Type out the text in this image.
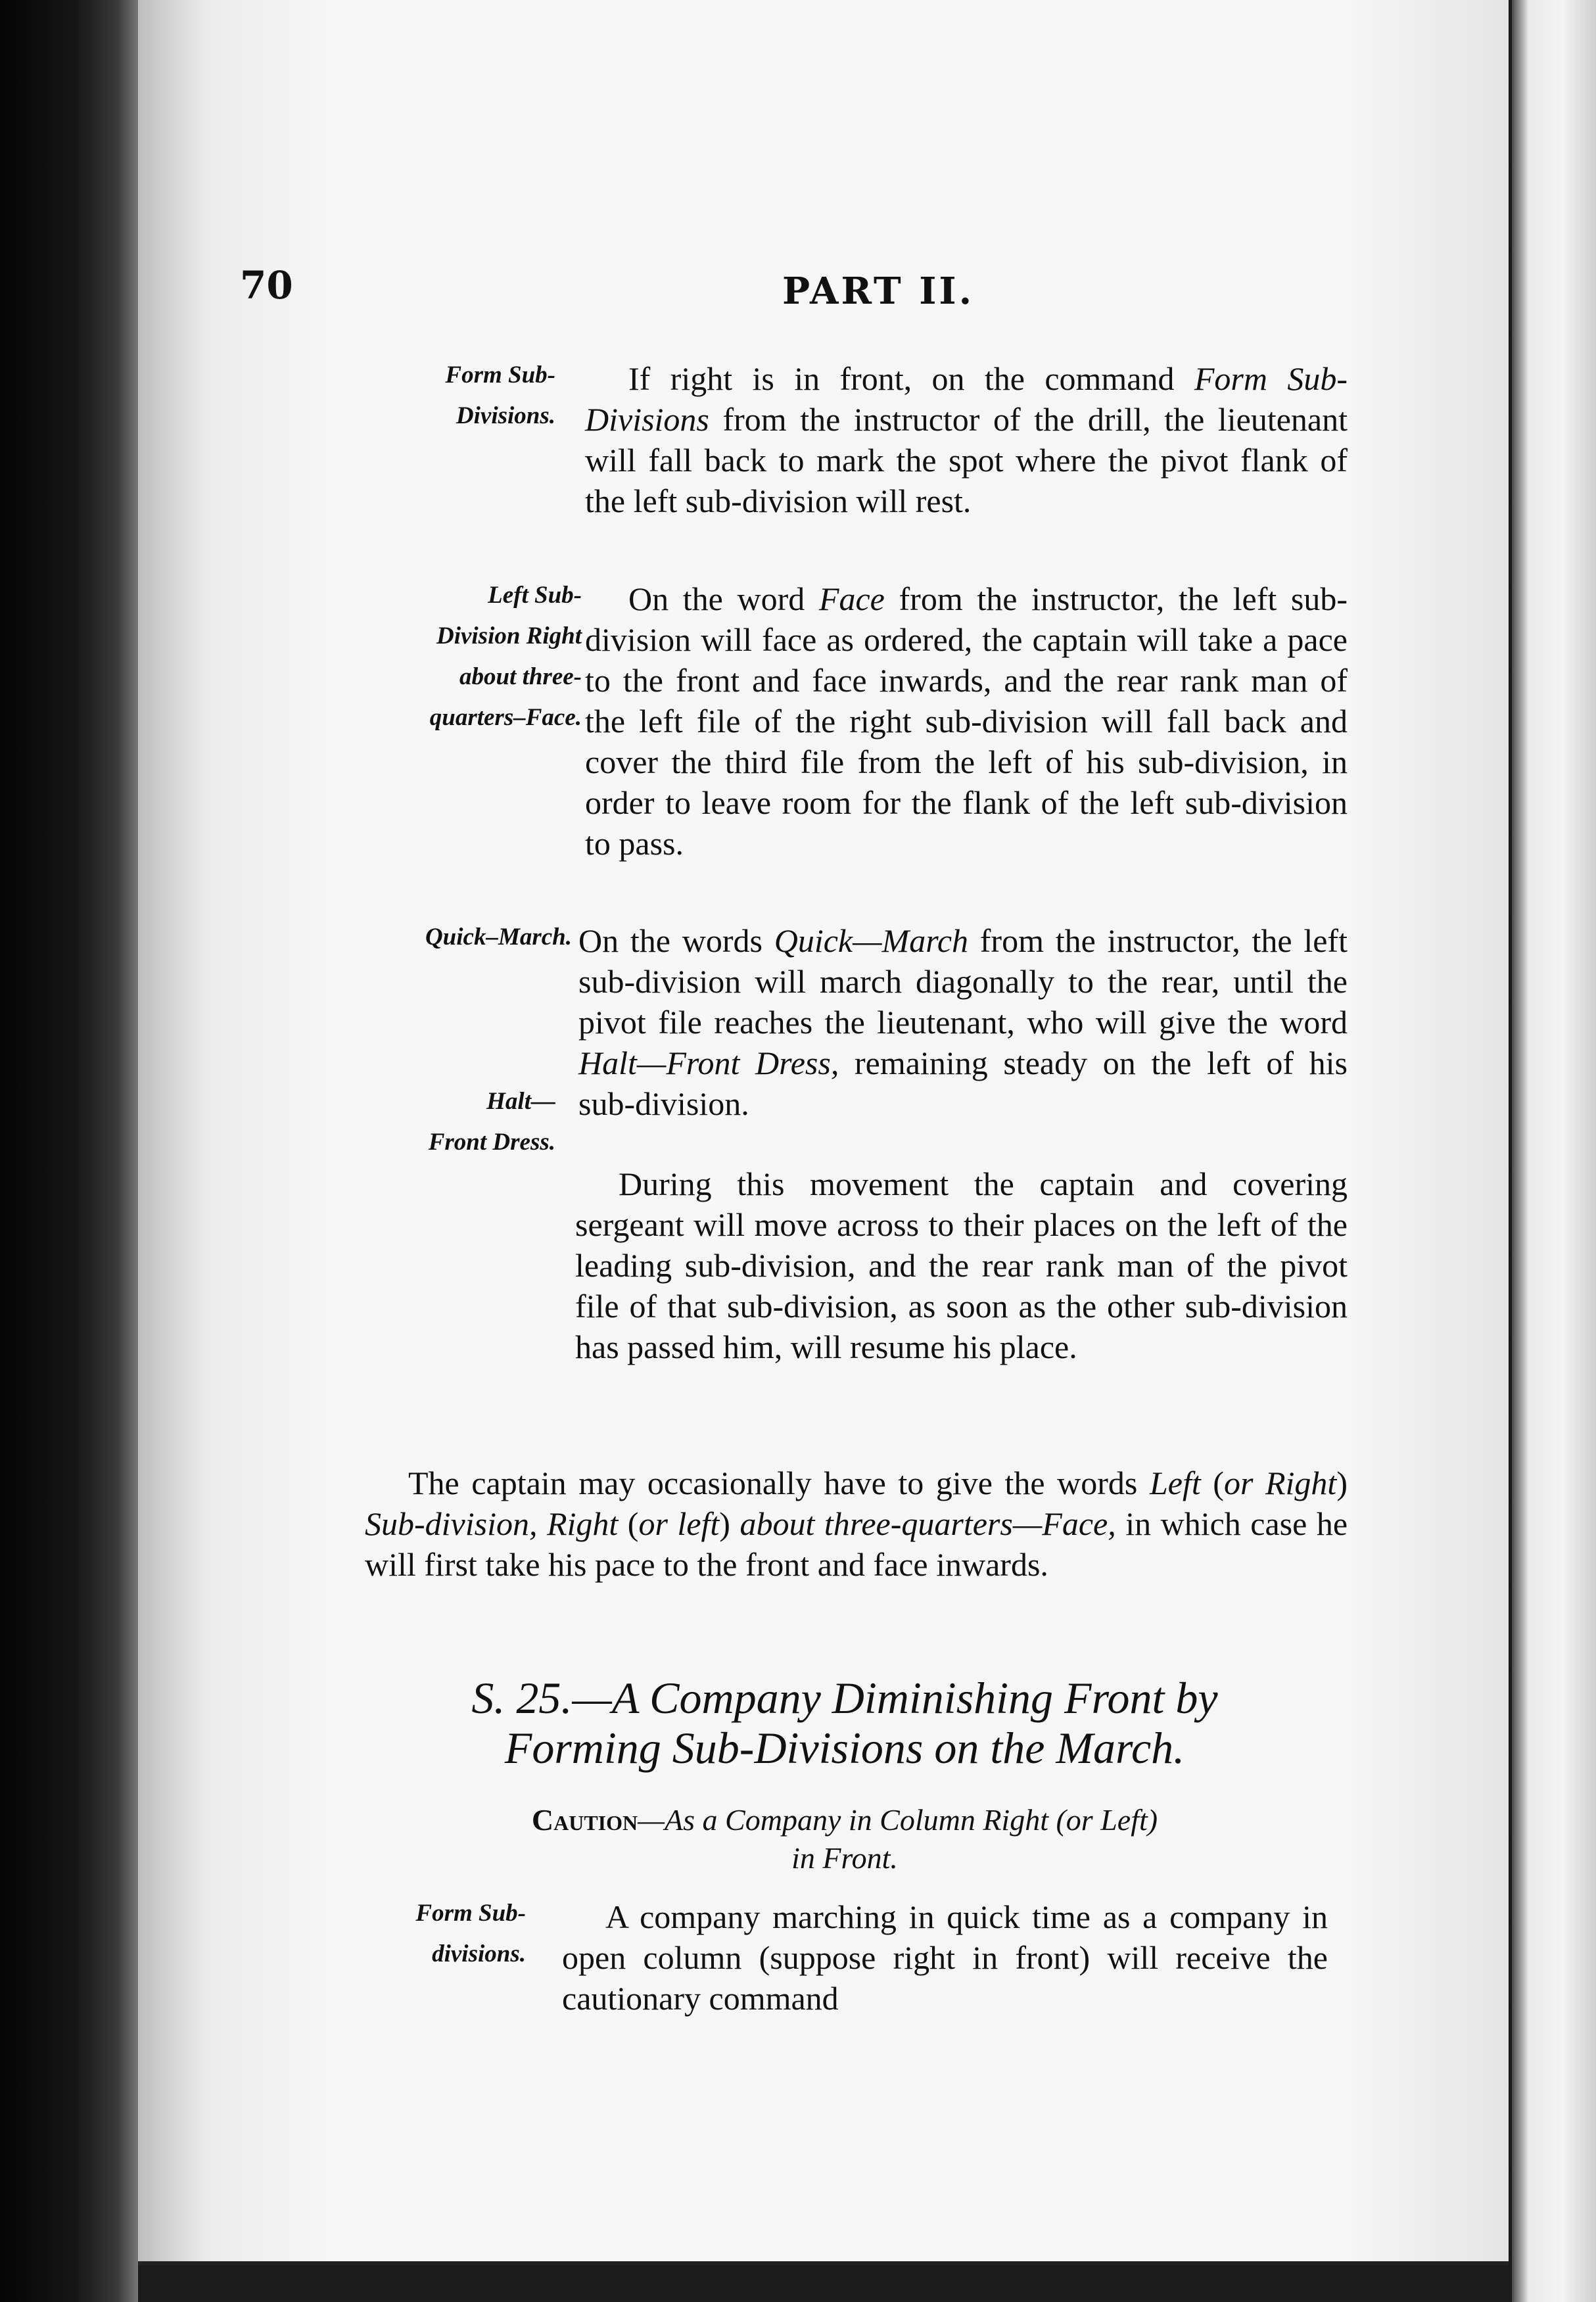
70	PART II.
Form Sub-
Divisions.

If right is in front, on the command Form Sub-Divisions from the instructor of the drill, the lieutenant will fall back to mark the spot where the pivot flank of the left sub-division will rest.

Left Sub-
Division Right
about three-
quarters–Face.

On the word Face from the instructor, the left sub-division will face as ordered, the captain will take a pace to the front and face inwards, and the rear rank man of the left file of the right sub-division will fall back and cover the third file from the left of his sub-division, in order to leave room for the flank of the left sub-division to pass.

Quick–March. On the words Quick—March from the instructor, the left sub-division will march diagonally to the rear, until the pivot file reaches the lieutenant, who will give the word Halt—Front Dress, remaining steady on the left of his sub-division.

Halt—
Front Dress.

During this movement the captain and covering sergeant will move across to their places on the left of the leading sub-division, and the rear rank man of the pivot file of that sub-division, as soon as the other sub-division has passed him, will resume his place.

The captain may occasionally have to give the words Left (or Right) Sub-division, Right (or left) about three-quarters—Face, in which case he will first take his pace to the front and face inwards.

S. 25.—A Company Diminishing Front by
Forming Sub-Divisions on the March.
Caution—As a Company in Column Right (or Left)
in Front.
Form Sub-
divisions.

A company marching in quick time as a company in open column (suppose right in front) will receive the cautionary command
